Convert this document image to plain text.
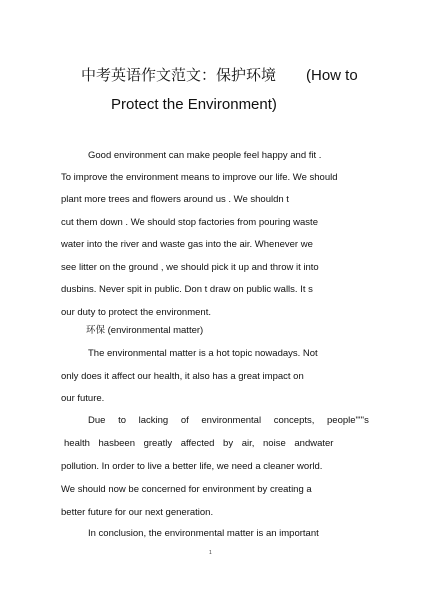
中考英语作文范文：保护环境　　(How to
Protect the Environment)
Good environment can make people feel happy and fit .
To improve the environment means to improve our life. We should
plant more trees and flowers around us . We shouldn t
cut them down . We should stop factories from pouring waste
water into the river and waste gas into the air. Whenever we
see litter on the ground , we should pick it up and throw it into
dusbins. Never spit in public. Don t draw on public walls. It s
our duty to protect the environment.
环保 (environmental matter)
The environmental matter is a hot topic nowadays. Not
only does it affect our health, it also has a great impact on
our future.
Due to lacking of environmental concepts, people""'s
health hasbeen greatly affected by air, noise andwater
pollution. In order to live a better life, we need a cleaner world.
We should now be concerned for environment by creating a
better future for our next generation.
In conclusion, the environmental matter is an important
1
